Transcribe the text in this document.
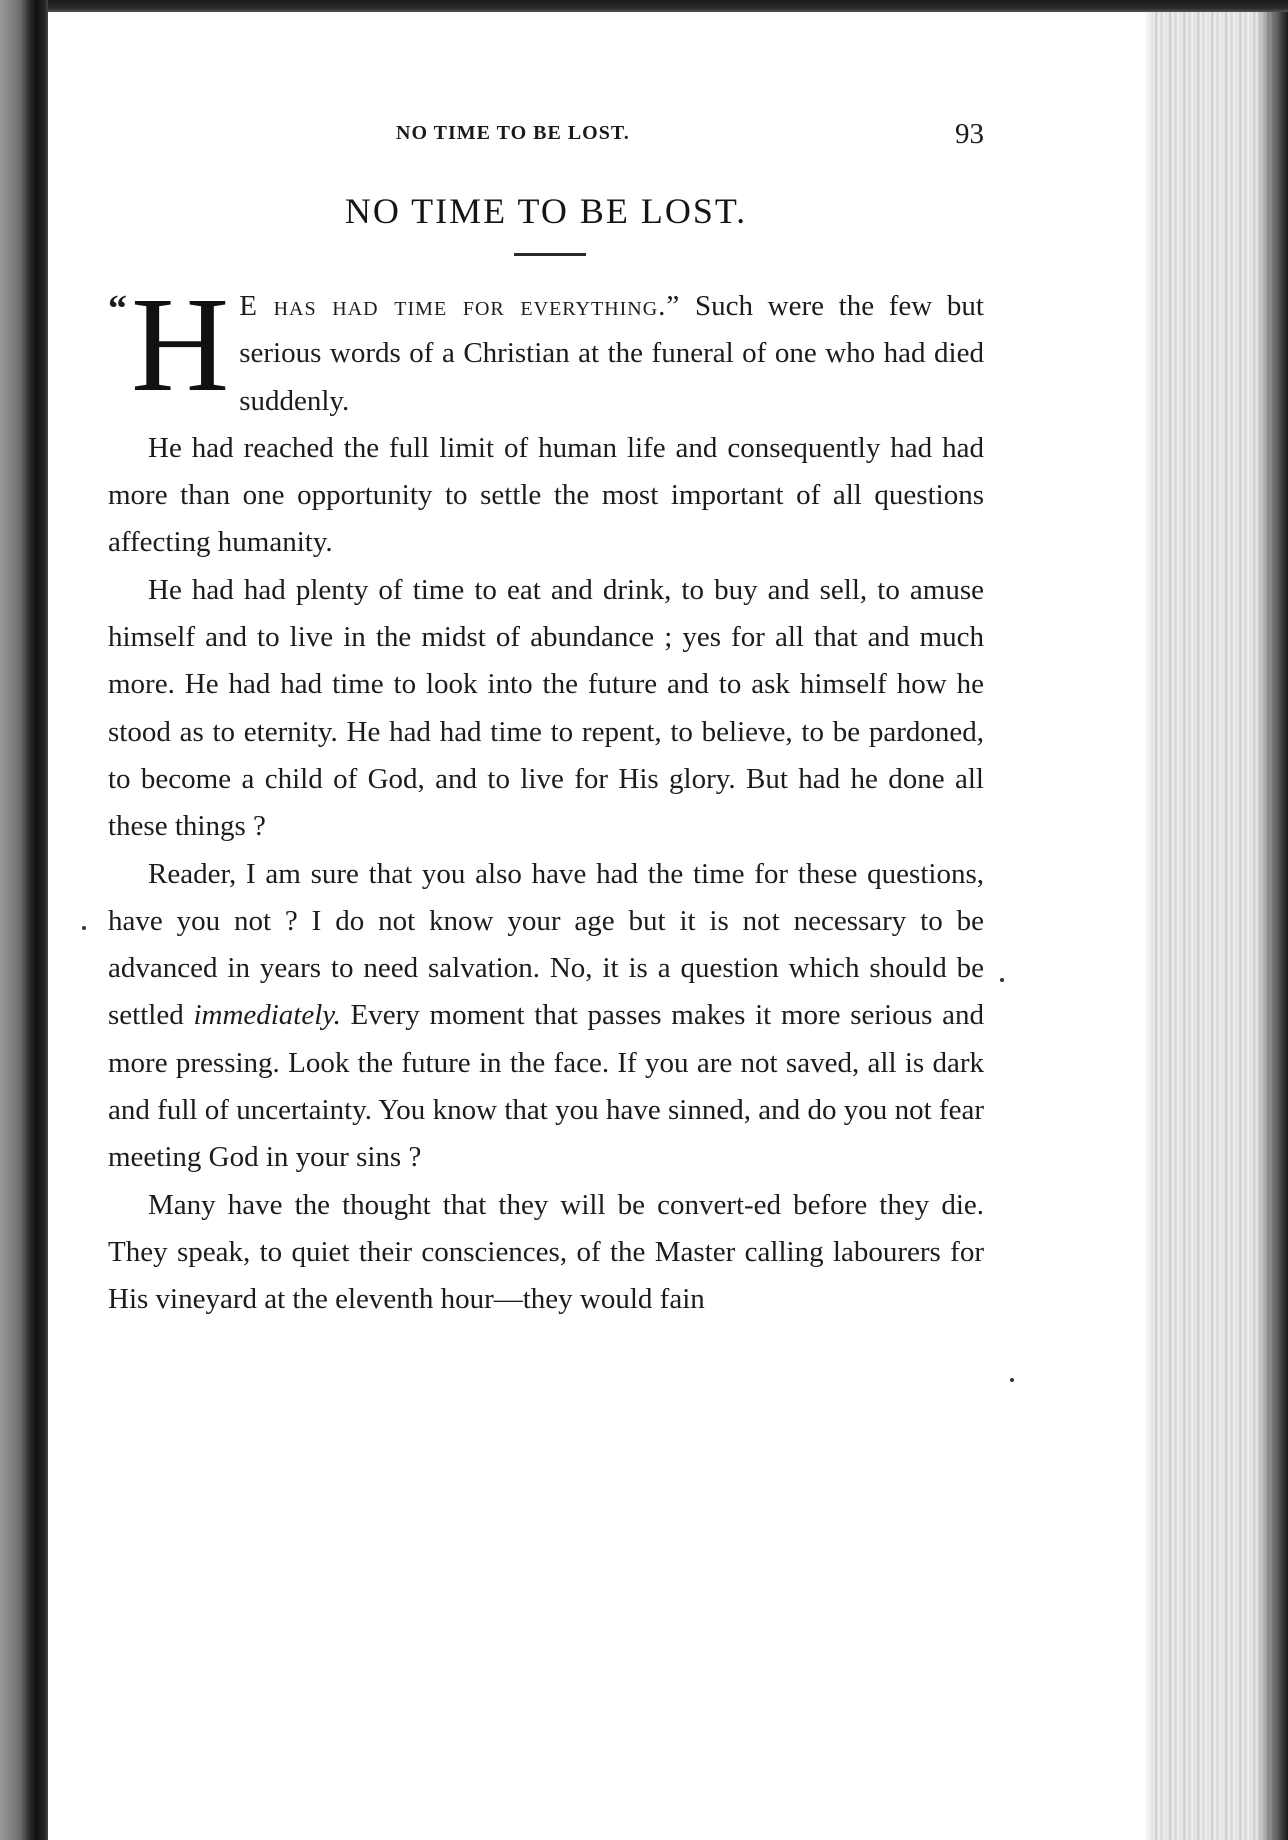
NO TIME TO BE LOST.	93
NO TIME TO BE LOST.

“ H E has had time for everything.” Such were the few but serious words of a Christian at the funeral of one who had died suddenly.

He had reached the full limit of human life and consequently had had more than one opportunity to settle the most important of all questions affecting humanity.

He had had plenty of time to eat and drink, to buy and sell, to amuse himself and to live in the midst of abundance ; yes for all that and much more. He had had time to look into the future and to ask himself how he stood as to eternity. He had had time to repent, to believe, to be pardoned, to become a child of God, and to live for His glory. But had he done all these things ?

Reader, I am sure that you also have had the time for these questions, have you not ? I do not know your age but it is not necessary to be advanced in years to need salvation. No, it is a question which should be settled immediately. Every moment that passes makes it more serious and more pressing. Look the future in the face. If you are not saved, all is dark and full of uncertainty. You know that you have sinned, and do you not fear meeting God in your sins ?

Many have the thought that they will be convert-ed before they die. They speak, to quiet their consciences, of the Master calling labourers for His vineyard at the eleventh hour—they would fain
